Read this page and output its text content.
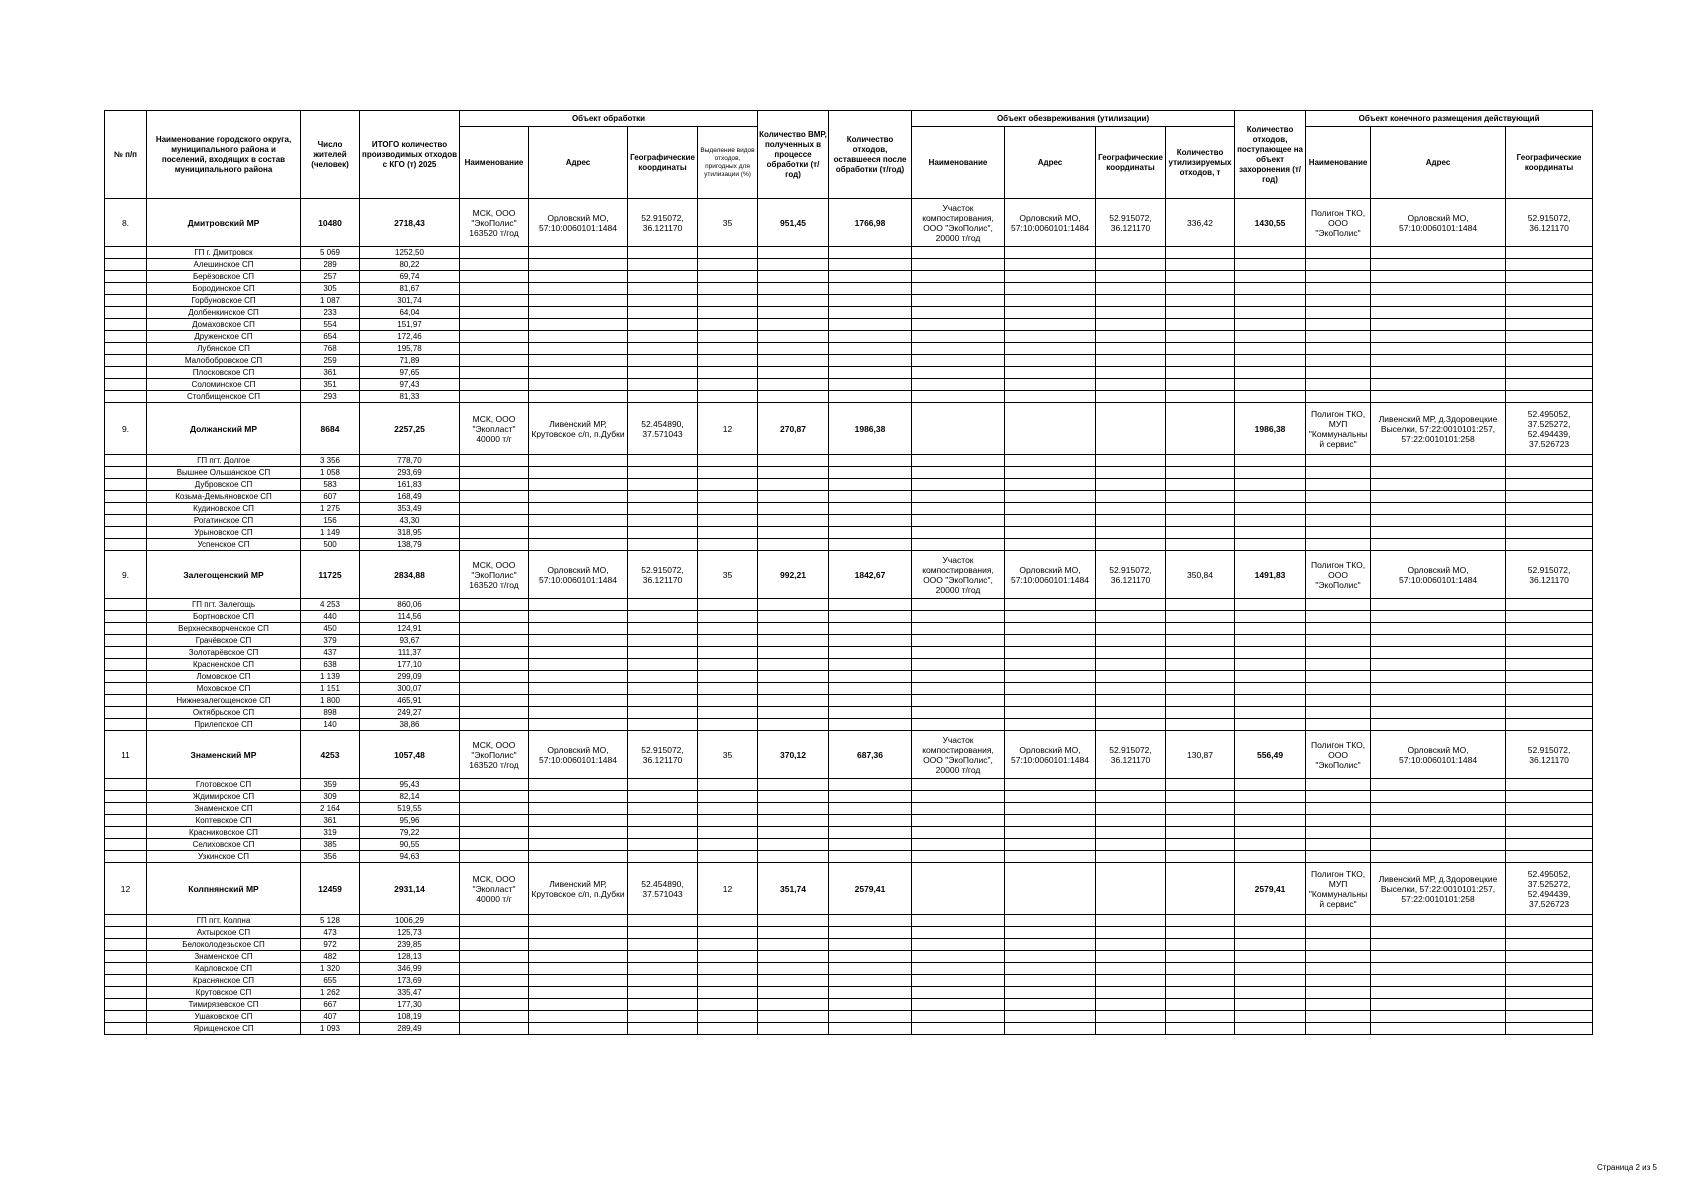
№ п/п	Наименование городского округа, муниципального района и поселений, входящих в состав муниципального района	Число жителей (человек)	ИТОГО количество производимых отходов с КГО (т) 2025	Объект обработки				Количество ВМР, полученных в процессе обработки (т/год)	Количество отходов, оставшееся после обработки (т/год)	Объект обезвреживания (утилизации)				Количество отходов, поступающее на объект захоронения (т/год)	Объект конечного размещения действующий		
				Наименование	Адрес	Географические координаты	Выделение видов отходов, пригодных для утилизации (%)			Наименование	Адрес	Географические координаты	Количество утилизируемых отходов, т		Наименование	Адрес	Географические координаты
8.	Дмитровский МР	10480	2718,43	МСК, ООО "ЭкоПолис" 163520 т/год	Орловский МО, 57:10:0060101:1484	52.915072, 36.121170	35	951,45	1766,98	Участок компостирования, ООО "ЭкоПолис", 20000 т/год	Орловский МО, 57:10:0060101:1484	52.915072, 36.121170	336,42	1430,55	Полигон ТКО, ООО "ЭкоПолис"	Орловский МО, 57:10:0060101:1484	52.915072, 36.121170
	ГП г. Дмитровск	5 069	1252,50														
	Алешинское СП	289	80,22														
	Берёзовское СП	257	69,74														
	Бородинское СП	305	81,67														
	Горбуновское СП	1 087	301,74														
	Долбенкинское СП	233	64,04														
	Домаховское СП	554	151,97														
	Друженское СП	654	172,46														
	Лубянское СП	768	195,78														
	Малобобровское СП	259	71,89														
	Плосковское СП	361	97,65														
	Соломинское СП	351	97,43														
	Столбищенское СП	293	81,33														
9.	Должанский МР	8684	2257,25	МСК, ООО "Экопласт" 40000 т/г	Ливенский МР, Крутовское с/п, п.Дубки	52.454890, 37.571043	12	270,87	1986,38					1986,38	Полигон ТКО, МУП "Коммунальный сервис"	Ливенский МР, д.Здоровецкие Выселки, 57:22:0010101:257, 57:22:0010101:258	52.495052, 37.525272, 52.494439, 37.526723
	ГП пгт. Долгое	3 356	778,70														
	Вышнее Ольшанское СП	1 058	293,69														
	Дубровское СП	583	161,83														
	Козьма-Демьяновское СП	607	168,49														
	Кудиновское СП	1 275	353,49														
	Рогатинское СП	156	43,30														
	Урыновское СП	1 149	318,95														
	Успенское СП	500	138,79														
9.	Залегощенский МР	11725	2834,88	МСК, ООО "ЭкоПолис" 163520 т/год	Орловский МО, 57:10:0060101:1484	52.915072, 36.121170	35	992,21	1842,67	Участок компостирования, ООО "ЭкоПолис", 20000 т/год	Орловский МО, 57:10:0060101:1484	52.915072, 36.121170	350,84	1491,83	Полигон ТКО, ООО "ЭкоПолис"	Орловский МО, 57:10:0060101:1484	52.915072, 36.121170
	ГП пгт. Залегощь	4 253	860,06														
	Бортновское СП	440	114,56														
	Верхнескворченское СП	450	124,91														
	Грачёвское СП	379	93,67														
	Золотарёвское СП	437	111,37														
	Красненское СП	638	177,10														
	Ломовское СП	1 139	299,09														
	Моховское СП	1 151	300,07														
	Нижнезалегощенское СП	1 800	465,91														
	Октябрьское СП	898	249,27														
	Прилепское СП	140	38,86														
11	Знаменский МР	4253	1057,48	МСК, ООО "ЭкоПолис" 163520 т/год	Орловский МО, 57:10:0060101:1484	52.915072, 36.121170	35	370,12	687,36	Участок компостирования, ООО "ЭкоПолис", 20000 т/год	Орловский МО, 57:10:0060101:1484	52.915072, 36.121170	130,87	556,49	Полигон ТКО, ООО "ЭкоПолис"	Орловский МО, 57:10:0060101:1484	52.915072, 36.121170
	Глотовское СП	359	95,43														
	Ждимирское СП	309	82,14														
	Знаменское СП	2 164	519,55														
	Коптевское СП	361	95,96														
	Красниковское СП	319	79,22														
	Селиховское СП	385	90,55														
	Узкинское СП	356	94,63														
12	Колпнянский МР	12459	2931,14	МСК, ООО "Экопласт" 40000 т/г	Ливенский МР, Крутовское с/п, п.Дубки	52.454890, 37.571043	12	351,74	2579,41					2579,41	Полигон ТКО, МУП "Коммунальный сервис"	Ливенский МР, д.Здоровецкие Выселки, 57:22:0010101:257, 57:22:0010101:258	52.495052, 37.525272, 52.494439, 37.526723
	ГП пгт. Колпна	5 128	1006,29														
	Ахтырское СП	473	125,73														
	Белоколодезьское СП	972	239,85														
	Знаменское СП	482	128,13														
	Карловское СП	1 320	346,99														
	Краснянское СП	655	173,69														
	Крутовское СП	1 262	335,47														
	Тимирязевское СП	667	177,30														
	Ушаковское СП	407	108,19														
	Ярищенское СП	1 093	289,49														
Страница 2 из 5
